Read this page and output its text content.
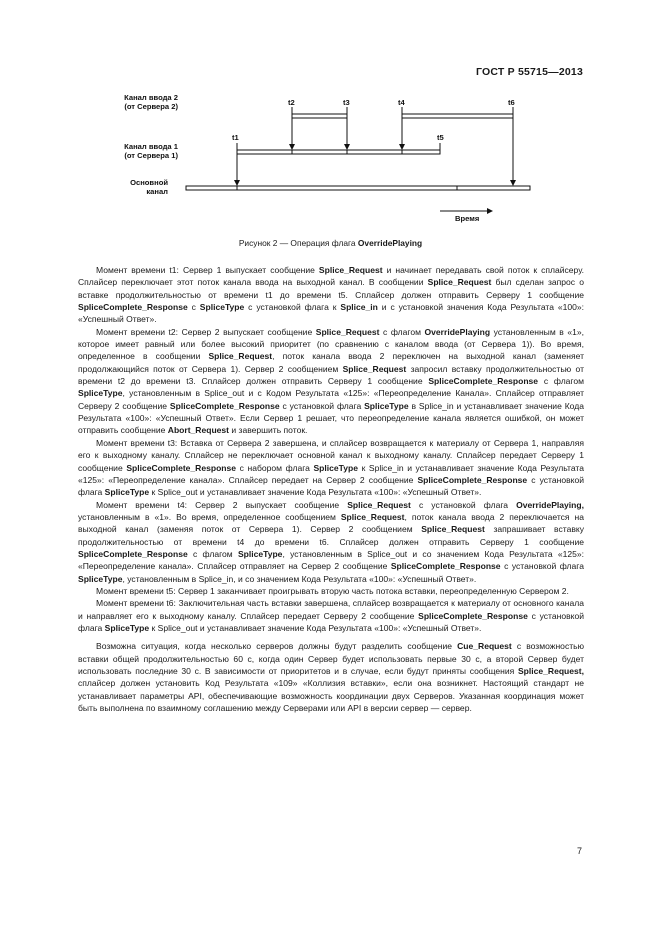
ГОСТ Р 55715—2013
Канал ввода 2
(от Сервера 2)
Канал ввода 1
(от Сервера 1)
Основной
канал
t1
t2	t3	t4
t5
t6
Время
Рисунок 2 — Операция флага OverridePlaying

Момент времени t1: Сервер 1 выпускает сообщение Splice_Request и начинает передавать свой поток к сплайсеру. Сплайсер переключает этот поток канала ввода на выходной канал. В сообщении Splice_Request был сделан запрос о вставке продолжительностью от времени t1 до времени t5. Сплайсер должен отправить Серверу 1 сообщение SpliceComplete_Response с SpliceType с установкой флага к Splice_in и с установкой значения Кода Результата «100»: «Успешный Ответ».

Момент времени t2: Сервер 2 выпускает сообщение Splice_Request с флагом OverridePlaying установленным в «1», которое имеет равный или более высокий приоритет (по сравнению с каналом ввода (от Сервера 1)). Во время, определенное в сообщении Splice_Request, поток канала ввода 2 переключен на выходной канал (заменяет продолжающийся поток от Сервера 1). Сервер 2 сообщением Splice_Request запросил вставку продолжительностью от времени t2 до времени t3. Сплайсер должен отправить Серверу 1 сообщение SpliceComplete_Response с флагом SpliceType, установленным в Splice_out и с Кодом Результата «125»: «Переопределение Канала». Сплайсер отправляет Серверу 2 сообщение SpliceComplete_Response с установкой флага SpliceType в Splice_in и устанавливает значение Кода Результата «100»: «Успешный Ответ». Если Сервер 1 решает, что переопределение канала является ошибкой, он может отправить сообщение Abort_Request и завершить поток.

Момент времени t3: Вставка от Сервера 2 завершена, и сплайсер возвращается к материалу от Сервера 1, направляя его к выходному каналу. Сплайсер не переключает основной канал к выходному каналу. Сплайсер передает Серверу 1 сообщение SpliceComplete_Response с набором флага SpliceType к Splice_in и устанавливает значение Кода Результата «125»: «Переопределение канала». Сплайсер передает на Сервер 2 сообщение SpliceComplete_Response с установкой флага SpliceType к Splice_out и устанавливает значение Кода Результата «100»: «Успешный Ответ».

Момент времени t4: Сервер 2 выпускает сообщение Splice_Request с установкой флага OverridePlaying, установленным в «1». Во время, определенное сообщением Splice_Request, поток канала ввода 2 переключается на выходной канал (заменяя поток от Сервера 1). Сервер 2 сообщением Splice_Request запрашивает вставку продолжительностью от времени t4 до времени t6. Сплайсер должен отправить Серверу 1 сообщение SpliceComplete_Response с флагом SpliceType, установленным в Splice_out и со значением Кода Результата «125»: «Переопределение канала». Сплайсер отправляет на Сервер 2 сообщение SpliceComplete_Response с установкой флага SpliceType, установленным в Splice_in, и со значением Кода Результата «100»: «Успешный Ответ».

Момент времени t5: Сервер 1 заканчивает проигрывать вторую часть потока вставки, переопределенную Сервером 2.

Момент времени t6: Заключительная часть вставки завершена, сплайсер возвращается к материалу от основного канала и направляет его к выходному каналу. Сплайсер передает Серверу 2 сообщение SpliceComplete_Response с установкой флага SpliceType к Splice_out и устанавливает значение Кода Результата «100»: «Успешный Ответ».

Возможна ситуация, когда несколько серверов должны будут разделить сообщение Cue_Request с возможностью вставки общей продолжительностью 60 с, когда один Сервер будет использовать первые 30 с, а второй Сервер будет использовать последние 30 с. В зависимости от приоритетов и в случае, если будут приняты сообщения Splice_Request, сплайсер должен установить Код Результата «109» «Коллизия вставки», если она возникнет. Настоящий стандарт не устанавливает параметры API, обеспечивающие возможность координации двух Серверов. Указанная координация может быть выполнена по взаимному соглашению между Серверами или API в версии сервер — сервер.

7
